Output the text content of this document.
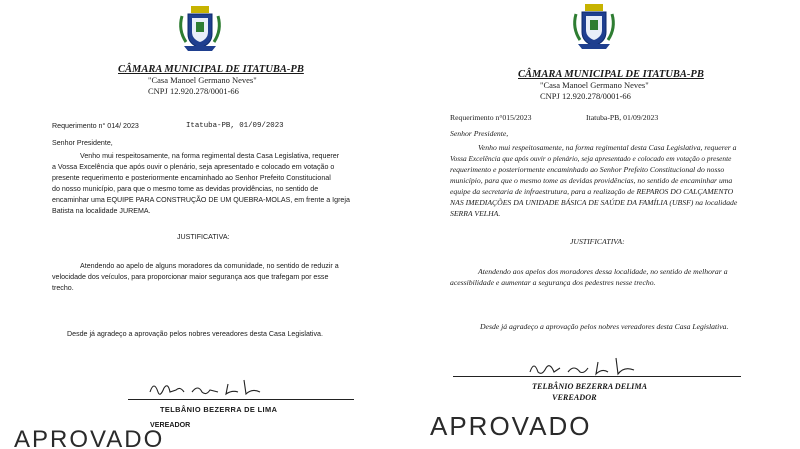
CÂMARA MUNICIPAL DE ITATUBA-PB
"Casa Manoel Germano Neves"
CNPJ 12.920.278/0001-66
Requerimento n° 014/ 2023	Itatuba-PB, 01/09/2023
Senhor Presidente,
Venho mui respeitosamente, na forma regimental desta Casa Legislativa, requerer
a Vossa Excelência que após ouvir o plenário, seja apresentado e colocado em votação o
presente requerimento e posteriormente encaminhado ao Senhor Prefeito Constitucional
do nosso município, para que o mesmo tome as devidas providências, no sentido de
encaminhar uma EQUIPE PARA CONSTRUÇÃO DE UM QUEBRA-MOLAS, em frente a Igreja
Batista na localidade JUREMA.
JUSTIFICATIVA:
Atendendo ao apelo de alguns moradores da comunidade, no sentido de reduzir a
velocidade dos veículos, para proporcionar maior segurança aos que trafegam por esse
trecho.
Desde já agradeço a aprovação pelos nobres vereadores desta Casa Legislativa.
TELBÂNIO BEZERRA DE LIMA
VEREADOR
APROVADO
CÂMARA MUNICIPAL DE ITATUBA-PB
"Casa Manoel Germano Neves"
CNPJ 12.920.278/0001-66
Requerimento n°015/2023	Itatuba-PB, 01/09/2023
Senhor Presidente,
Venho mui respeitosamente, na forma regimental desta Casa Legislativa, requerer a
Vossa Excelência que após ouvir o plenário, seja apresentado e colocado em votação o presente
requerimento e posteriormente encaminhado ao Senhor Prefeito Constitucional do nosso
município, para que o mesmo tome as devidas providências, no sentido de encaminhar uma
equipe da secretaria de infraestrutura, para a realização de REPAROS DO CALÇAMENTO
NAS IMEDIAÇÕES DA UNIDADE BÁSICA DE SAÚDE DA FAMÍLIA (UBSF) na localidade
SERRA VELHA.
JUSTIFICATIVA:
Atendendo aos apelos dos moradores dessa localidade, no sentido de melhorar a
acessibilidade e aumentar a segurança dos pedestres nesse trecho.
Desde já agradeço a aprovação pelos nobres vereadores desta Casa Legislativa.
TELBÂNIO BEZERRA DELIMA
VEREADOR
APROVADO
